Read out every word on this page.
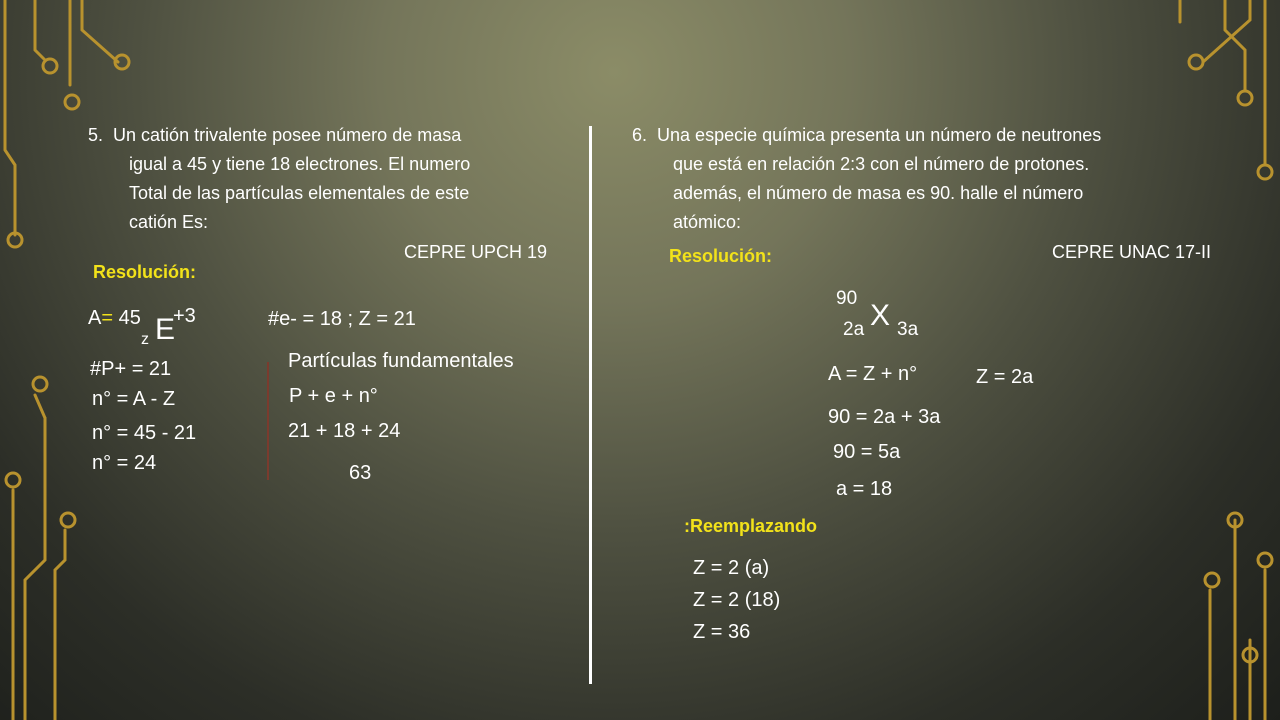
5. Un catión trivalente posee número de masa
igual a 45 y tiene 18 electrones. El numero
Total de las partículas elementales de este
catión Es:
CEPRE UPCH 19
Resolución:
A= 45
z E
+3	#e- = 18 ; Z = 21
#P+ = 21
n° = A - Z
n° = 45 - 21
n° = 24
Partículas fundamentales
P + e + n°
21 + 18 + 24
63
6. Una especie química presenta un número de neutrones
que está en relación 2:3 con el número de protones.
además, el número de masa es 90. halle el número
atómico:
CEPRE UNAC 17-II
Resolución:
90
X
2a 3a
A = Z + n°	Z = 2a
90 = 2a + 3a
90 = 5a
a = 18
:Reemplazando
Z = 2 (a)
Z = 2 (18)
Z = 36
